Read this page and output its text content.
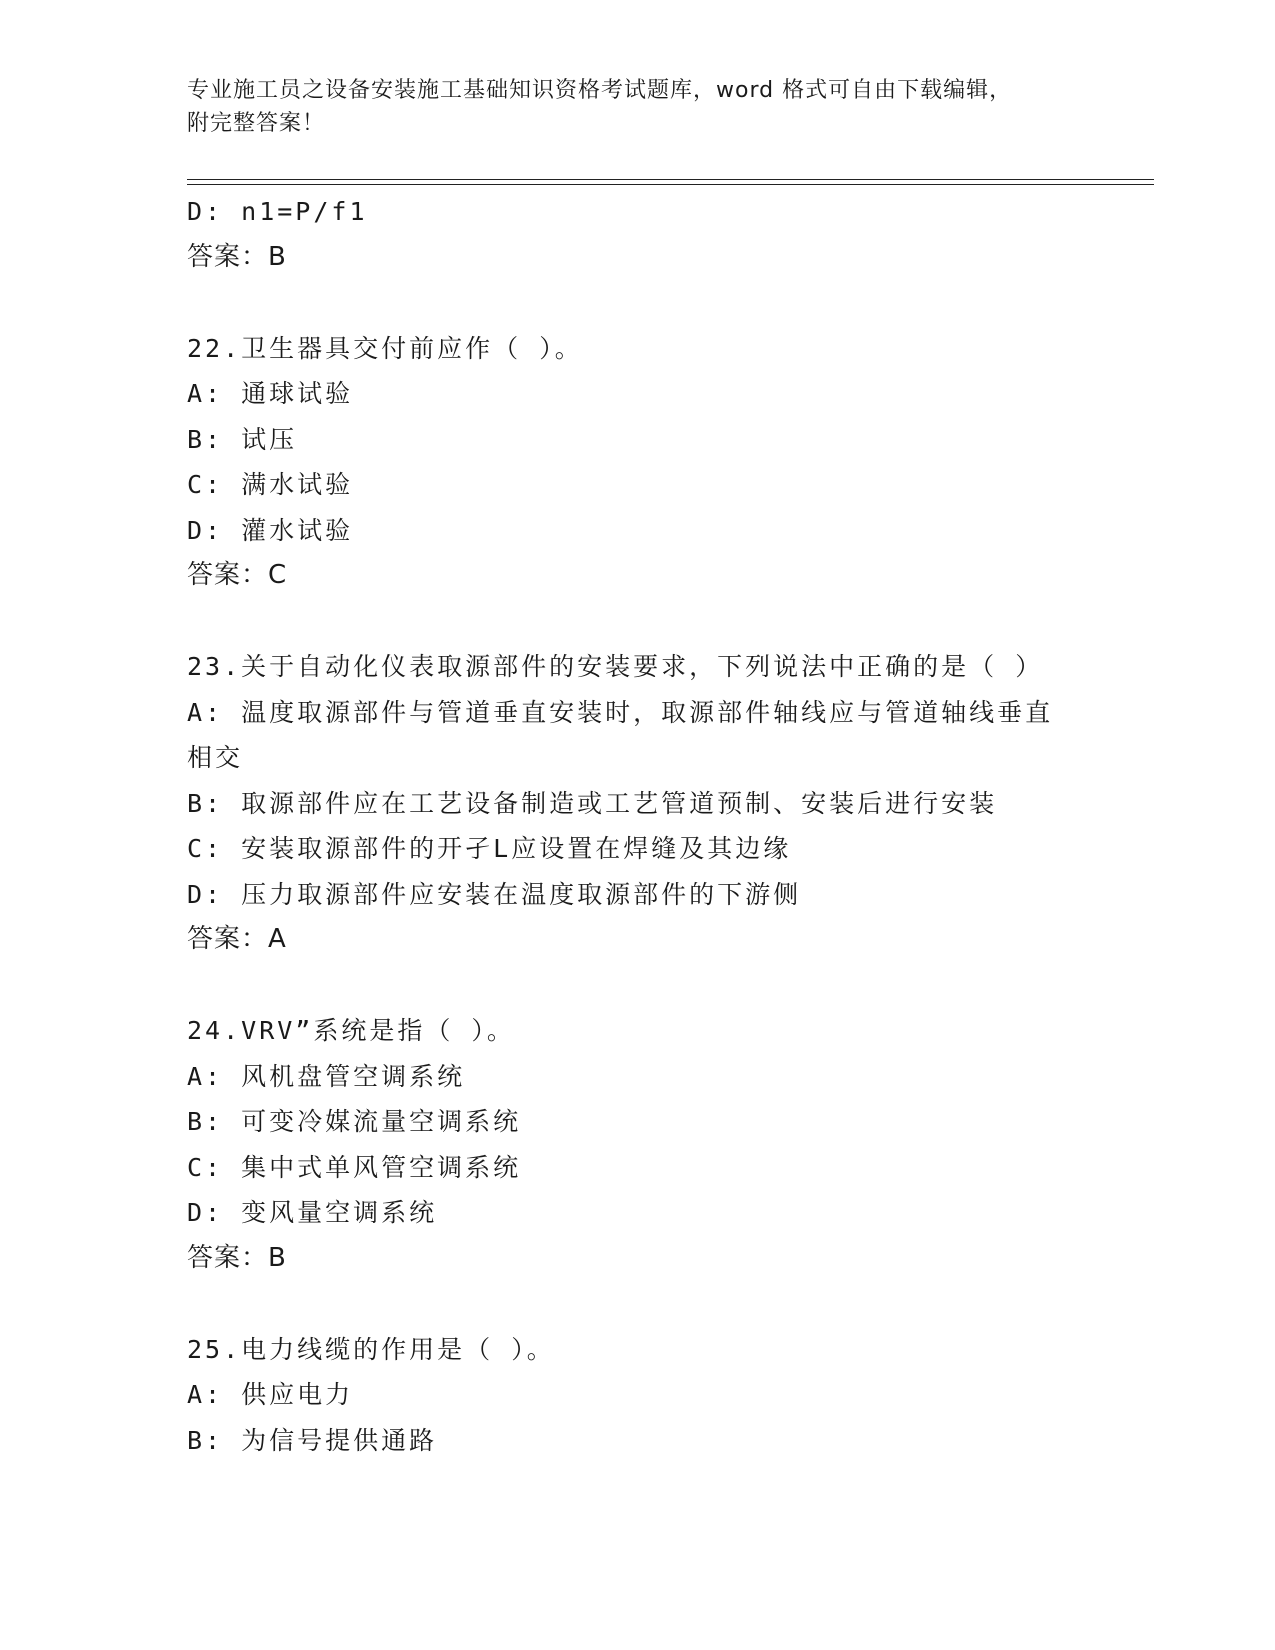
专业施工员之设备安装施工基础知识资格考试题库，word 格式可自由下载编辑，
附完整答案！
D: n1=P/f1
答案：B
22.卫生器具交付前应作（ ）。
A: 通球试验
B: 试压
C: 满水试验
D: 灌水试验
答案：C
23.关于自动化仪表取源部件的安装要求，下列说法中正确的是（ ）
A: 温度取源部件与管道垂直安装时，取源部件轴线应与管道轴线垂直
相交
B: 取源部件应在工艺设备制造或工艺管道预制、安装后进行安装
C: 安装取源部件的开孑L应设置在焊缝及其边缘
D: 压力取源部件应安装在温度取源部件的下游侧
答案：A
24.VRV”系统是指（ ）。
A: 风机盘管空调系统
B: 可变冷媒流量空调系统
C: 集中式单风管空调系统
D: 变风量空调系统
答案：B
25.电力线缆的作用是（ ）。
A: 供应电力
B: 为信号提供通路
